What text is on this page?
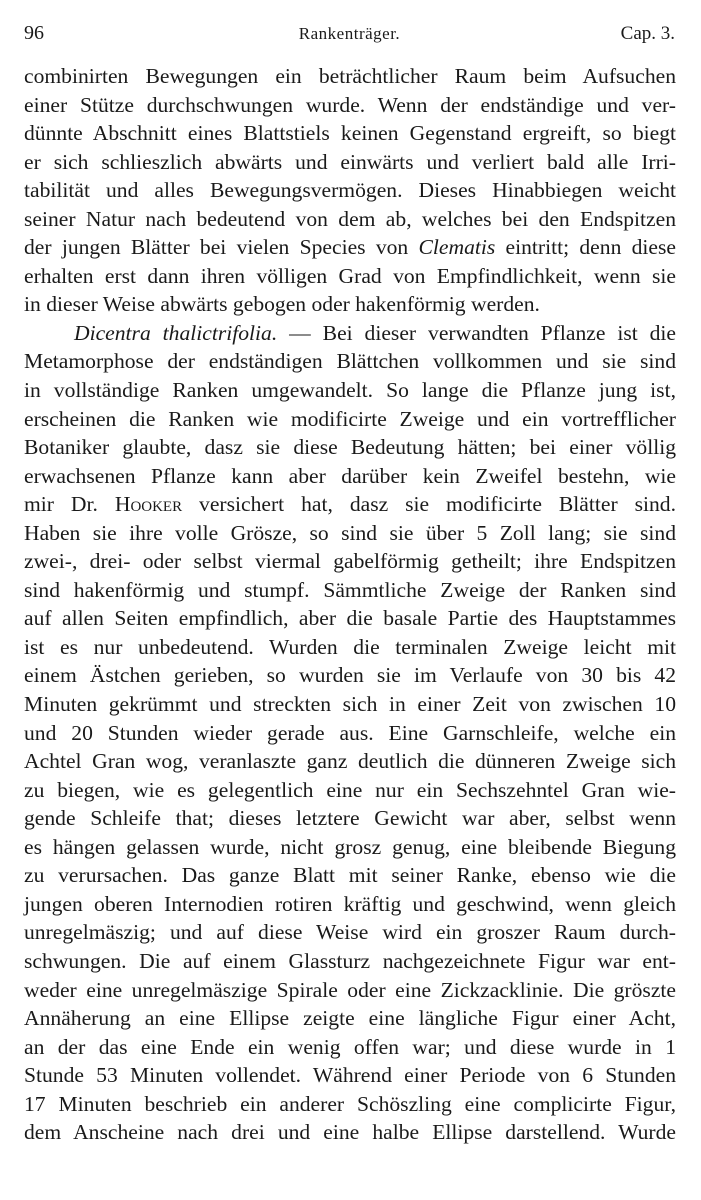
96	Rankenträger.	Cap. 3.
combinirten Bewegungen ein beträchtlicher Raum beim Aufsuchen
einer Stütze durchschwungen wurde. Wenn der endständige und ver-
dünnte Abschnitt eines Blattstiels keinen Gegenstand ergreift, so biegt
er sich schlieszlich abwärts und einwärts und verliert bald alle Irri-
tabilität und alles Bewegungsvermögen. Dieses Hinabbiegen weicht
seiner Natur nach bedeutend von dem ab, welches bei den Endspitzen
der jungen Blätter bei vielen Species von Clematis eintritt; denn diese
erhalten erst dann ihren völligen Grad von Empfindlichkeit, wenn sie
in dieser Weise abwärts gebogen oder hakenförmig werden.
Dicentra thalictrifolia. — Bei dieser verwandten Pflanze ist die
Metamorphose der endständigen Blättchen vollkommen und sie sind
in vollständige Ranken umgewandelt. So lange die Pflanze jung ist,
erscheinen die Ranken wie modificirte Zweige und ein vortrefflicher
Botaniker glaubte, dasz sie diese Bedeutung hätten; bei einer völlig
erwachsenen Pflanze kann aber darüber kein Zweifel bestehn, wie
mir Dr. Hooker versichert hat, dasz sie modificirte Blätter sind.
Haben sie ihre volle Grösze, so sind sie über 5 Zoll lang; sie sind
zwei-, drei- oder selbst viermal gabelförmig getheilt; ihre Endspitzen
sind hakenförmig und stumpf. Sämmtliche Zweige der Ranken sind
auf allen Seiten empfindlich, aber die basale Partie des Hauptstammes
ist es nur unbedeutend. Wurden die terminalen Zweige leicht mit
einem Ästchen gerieben, so wurden sie im Verlaufe von 30 bis 42
Minuten gekrümmt und streckten sich in einer Zeit von zwischen 10
und 20 Stunden wieder gerade aus. Eine Garnschleife, welche ein
Achtel Gran wog, veranlaszte ganz deutlich die dünneren Zweige sich
zu biegen, wie es gelegentlich eine nur ein Sechszehntel Gran wie-
gende Schleife that; dieses letztere Gewicht war aber, selbst wenn
es hängen gelassen wurde, nicht grosz genug, eine bleibende Biegung
zu verursachen. Das ganze Blatt mit seiner Ranke, ebenso wie die
jungen oberen Internodien rotiren kräftig und geschwind, wenn gleich
unregelmäszig; und auf diese Weise wird ein groszer Raum durch-
schwungen. Die auf einem Glassturz nachgezeichnete Figur war ent-
weder eine unregelmäszige Spirale oder eine Zickzacklinie. Die gröszte
Annäherung an eine Ellipse zeigte eine längliche Figur einer Acht,
an der das eine Ende ein wenig offen war; und diese wurde in 1
Stunde 53 Minuten vollendet. Während einer Periode von 6 Stunden
17 Minuten beschrieb ein anderer Schöszling eine complicirte Figur,
dem Anscheine nach drei und eine halbe Ellipse darstellend. Wurde
